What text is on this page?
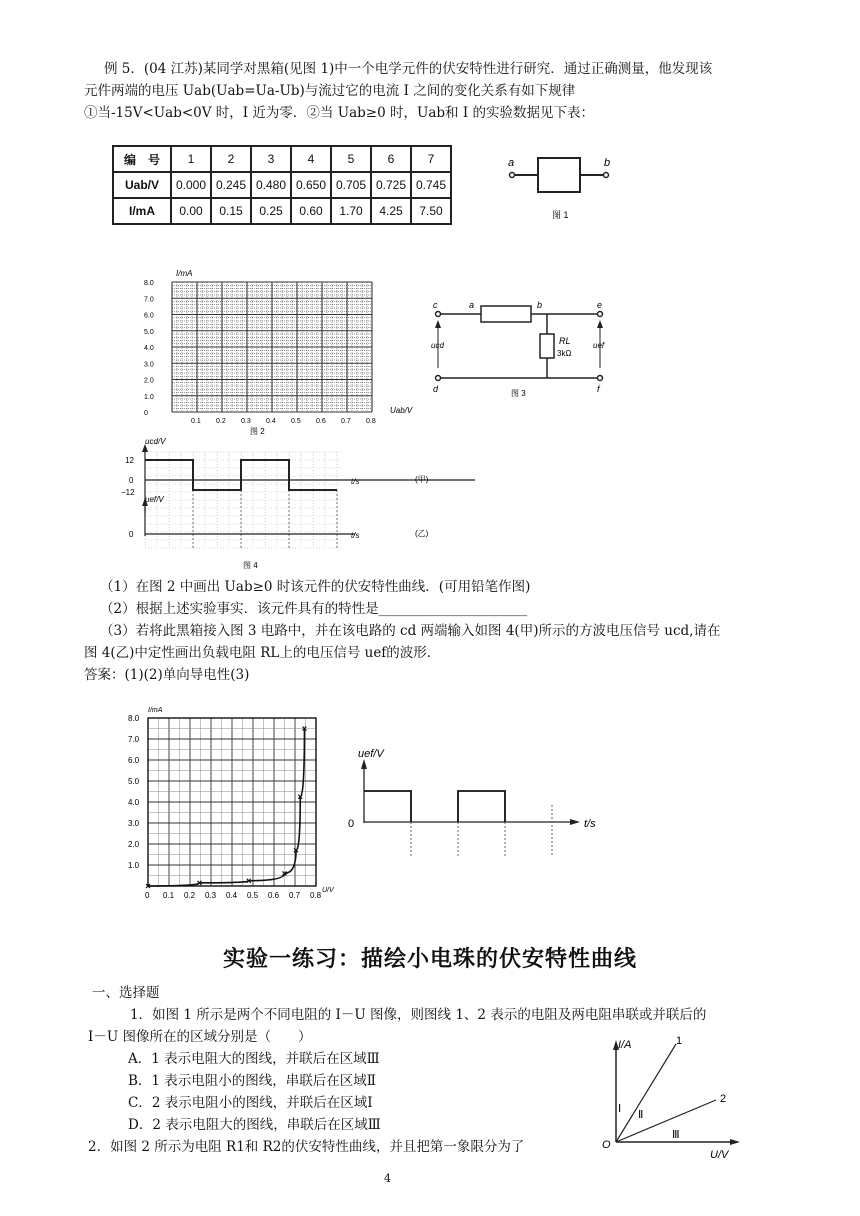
例 5．(04 江苏)某同学对黑箱(见图 1)中一个电学元件的伏安特性进行研究．通过正确测量，他发现该
元件两端的电压 Uab(Uab=Ua-Ub)与流过它的电流 I 之间的变化关系有如下规律
①当-15V<Uab<0V 时，I 近为零．②当 Uab≥0 时，Uab和 I 的实验数据见下表：
编　号	1	2	3	4	5	6	7
Uab/V	0.000	0.245	0.480	0.650	0.705	0.725	0.745
I/mA	0.00	0.15	0.25	0.60	1.70	4.25	7.50
a	b
图 1
I/mA
Uab/V
图 2
8.0
7.0
6.0
5.0
4.0
3.0
2.0
1.0
0
0.1 0.2 0.3 0.4 0.5 0.6 0.7 0.8
c	a	b	e
d	f
ucd	uef
RL
3kΩ
图 3
ucd/V
uef/V
t/s
t/s
12
0
−12
0
(甲)
(乙)
图 4
（1）在图 2 中画出 Uab≥0 时该元件的伏安特性曲线．(可用铅笔作图)
（2）根据上述实验事实．该元件具有的特性是______________________
（3）若将此黑箱接入图 3 电路中，并在该电路的 cd 两端输入如图 4(甲)所示的方波电压信号 ucd,请在
图 4(乙)中定性画出负载电阻 RL上的电压信号 uef的波形．
答案：(1)(2)单向导电性(3)
8.0
7.0
6.0
5.0
4.0
3.0
2.0
1.0
0 0.1 0.2 0.3 0.4 0.5 0.6 0.7 0.8
I/mA
U/V
uef/V
t/s
0
实验一练习：描绘小电珠的伏安特性曲线
一、选择题
1．如图 1 所示是两个不同电阻的 I－U 图像，则图线 1、2 表示的电阻及两电阻串联或并联后的
I－U 图像所在的区域分别是（　　）
A．1 表示电阻大的图线，并联后在区域Ⅲ
B．1 表示电阻小的图线，串联后在区域Ⅱ
C．2 表示电阻小的图线，并联后在区域Ⅰ
D．2 表示电阻大的图线，串联后在区域Ⅲ
2．如图 2 所示为电阻 R1和 R2的伏安特性曲线，并且把第一象限分为了
I/A
U/V
O
1
2
Ⅰ Ⅱ
Ⅲ
4
